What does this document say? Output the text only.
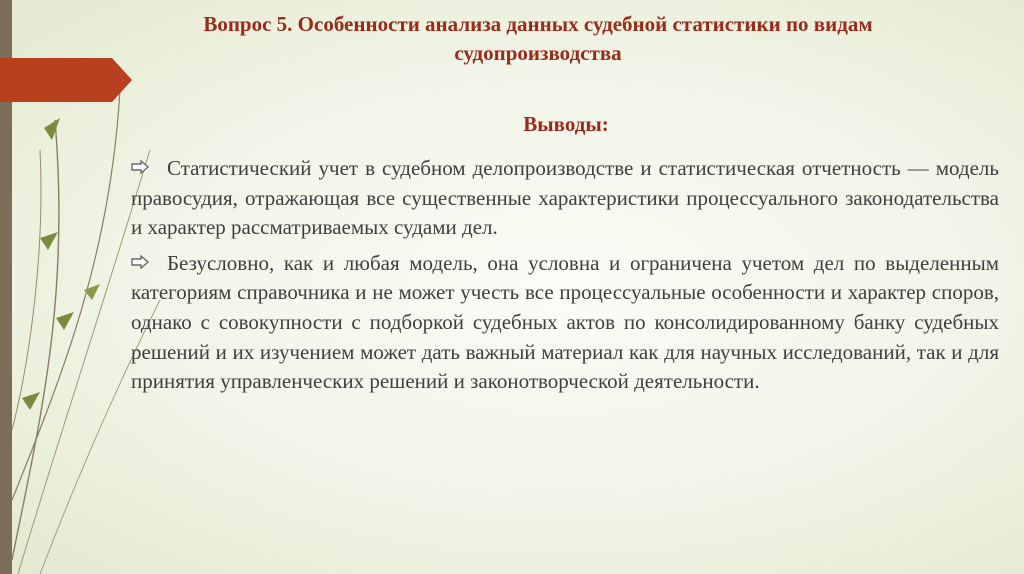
Вопрос 5. Особенности анализа данных судебной статистики по видам судопроизводства
Выводы:

Статистический учет в судебном делопроизводстве и статистическая отчетность — модель правосудия, отражающая все существенные характеристики процессуального законодательства и характер рассматриваемых судами дел.

Безусловно, как и любая модель, она условна и ограничена учетом дел по выделенным категориям справочника и не может учесть все процессуальные особенности и характер споров, однако с совокупности с подборкой судебных актов по консолидированному банку судебных решений и их изучением может дать важный материал как для научных исследований, так и для принятия управленческих решений и законотворческой деятельности.
